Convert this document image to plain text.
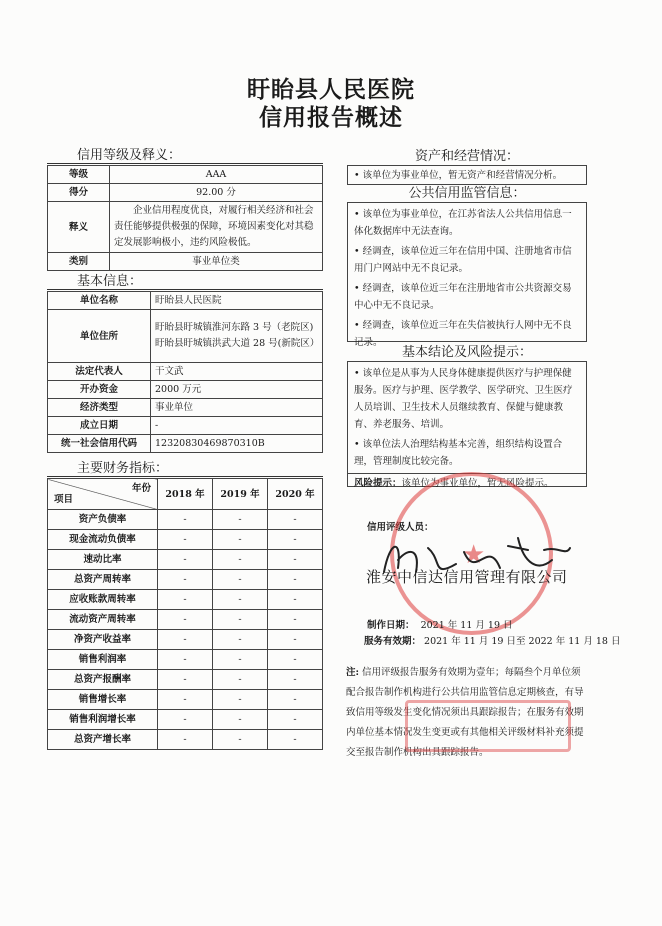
盱眙县人民医院
信用报告概述
信用等级及释义：
等级	AAA
得分	92.00 分
释义	企业信用程度优良，对履行相关经济和社会责任能够提供极强的保障，环境因素变化对其稳定发展影响极小，违约风险极低。
类别	事业单位类
基本信息：
单位名称	盱眙县人民医院
单位住所	盱眙县盱城镇淮河东路 3 号（老院区)盱眙县盱城镇洪武大道 28 号(新院区）
法定代表人	干文武
开办资金	2000 万元
经济类型	事业单位
成立日期	-
统一社会信用代码	12320830469870310B
主要财务指标：
年份
项目	2018 年	2019 年	2020 年
资产负债率	-	-	-
现金流动负债率	-	-	-
速动比率	-	-	-
总资产周转率	-	-	-
应收账款周转率	-	-	-
流动资产周转率	-	-	-
净资产收益率	-	-	-
销售利润率	-	-	-
总资产报酬率	-	-	-
销售增长率	-	-	-
销售利润增长率	-	-	-
总资产增长率	-	-	-
资产和经营情况：

• 该单位为事业单位，暂无资产和经营情况分析。

公共信用监管信息：

• 该单位为事业单位，在江苏省法人公共信用信息一体化数据库中无法查询。

• 经调查，该单位近三年在信用中国、注册地省市信用门户网站中无不良记录。

• 经调查，该单位近三年在注册地省市公共资源交易中心中无不良记录。

• 经调查，该单位近三年在失信被执行人网中无不良记录。

基本结论及风险提示：

• 该单位是从事为人民身体健康提供医疗与护理保健服务。医疗与护理、医学教学、医学研究、卫生医疗人员培训、卫生技术人员继续教育、保健与健康教育、养老服务、培训。

• 该单位法人治理结构基本完善，组织结构设置合理，管理制度比较完备。

风险提示：该单位为事业单位，暂无风险提示。

信用评级人员：
★
淮安中信达信用管理有限公司
制作日期： 2021 年 11 月 19 日
服务有效期： 2021 年 11 月 19 日至 2022 年 11 月 18 日
注: 信用评级报告服务有效期为壹年；每隔叁个月单位须配合报告制作机构进行公共信用监管信息定期核查，有导致信用等级发生变化情况须出具跟踪报告；在服务有效期内单位基本情况发生变更或有其他相关评级材料补充须提交至报告制作机构出具跟踪报告。
